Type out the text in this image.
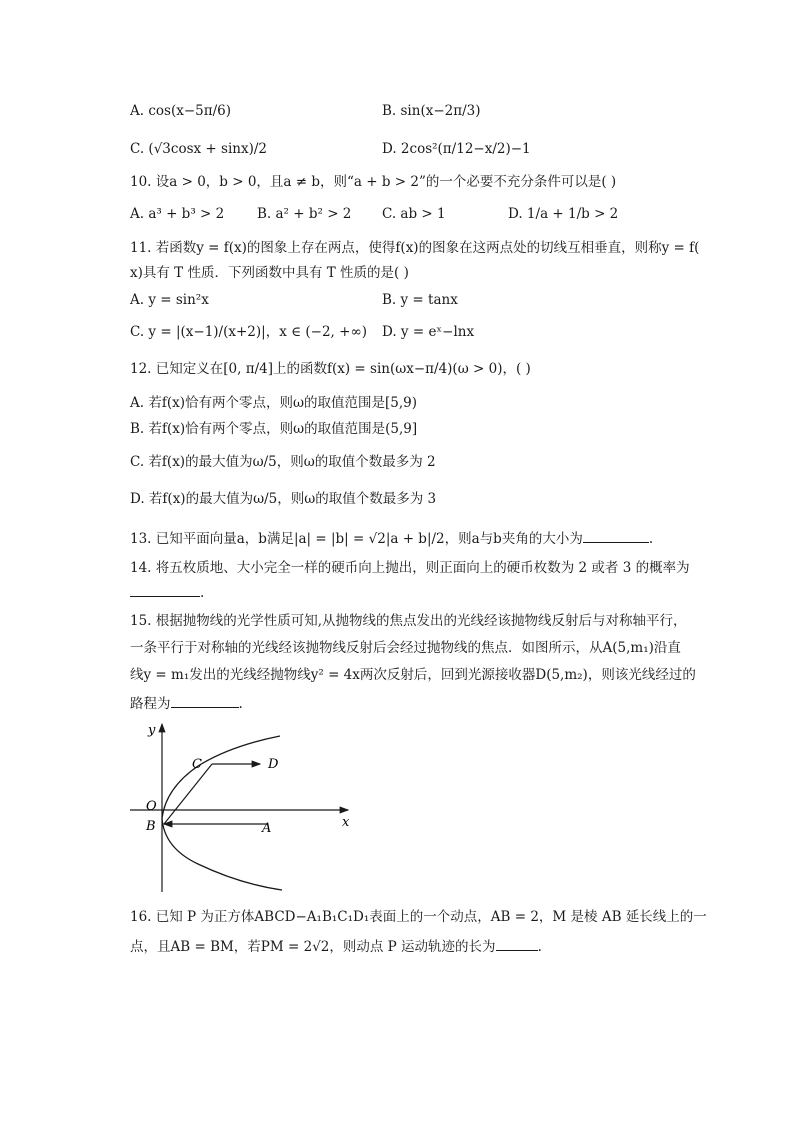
A. cos(x−5π/6)	B. sin(x−2π/3)
C. (√3cosx + sinx)/2	D. 2cos²(π/12−x/2)−1
10. 设a > 0，b > 0，且a ≠ b，则“a + b > 2”的一个必要不充分条件可以是( )
A. a³ + b³ > 2 B. a² + b² > 2 C. ab > 1	D. 1/a + 1/b > 2
11. 若函数y = f(x)的图象上存在两点，使得f(x)的图象在这两点处的切线互相垂直，则称y = f(
x)具有 T 性质．下列函数中具有 T 性质的是( )
A. y = sin²x	B. y = tanx
C. y = |(x−1)/(x+2)|，x ∈ (−2, +∞) D. y = eˣ−lnx
12. 已知定义在[0, π/4]上的函数f(x) = sin(ωx−π/4)(ω > 0)，( )
A. 若f(x)恰有两个零点，则ω的取值范围是[5,9)
B. 若f(x)恰有两个零点，则ω的取值范围是(5,9]
C. 若f(x)的最大值为ω/5，则ω的取值个数最多为 2
D. 若f(x)的最大值为ω/5，则ω的取值个数最多为 3
13. 已知平面向量a，b满足|a| = |b| = √2|a + b|/2，则a与b夹角的大小为	.
14. 将五枚质地、大小完全一样的硬币向上抛出，则正面向上的硬币枚数为 2 或者 3 的概率为
.
15. 根据抛物线的光学性质可知,从抛物线的焦点发出的光线经该抛物线反射后与对称轴平行，
一条平行于对称轴的光线经该抛物线反射后会经过抛物线的焦点．如图所示，从A(5,m₁)沿直
线y = m₁发出的光线经抛物线y² = 4x两次反射后，回到光源接收器D(5,m₂)，则该光线经过的
路程为	.
y
x
O
B	A
C	D
16. 已知 P 为正方体ABCD−A₁B₁C₁D₁表面上的一个动点，AB = 2，M 是棱 AB 延长线上的一
点，且AB = BM，若PM = 2√2，则动点 P 运动轨迹的长为	.
